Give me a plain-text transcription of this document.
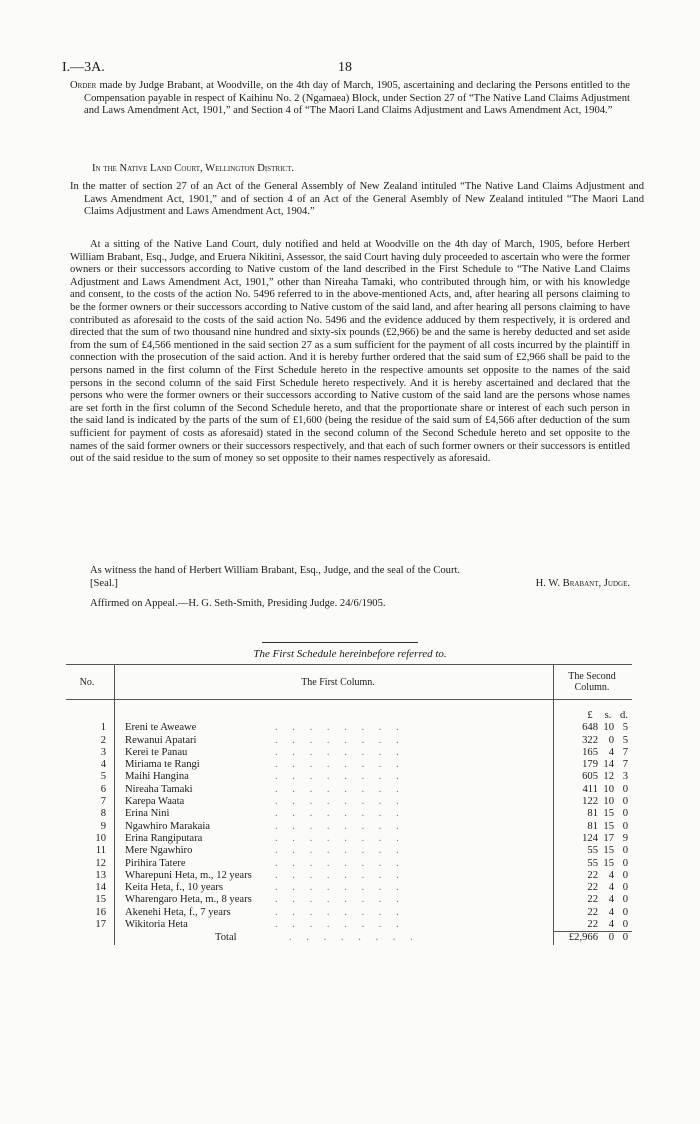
I.—3A.	18
Order made by Judge Brabant, at Woodville, on the 4th day of March, 1905, ascertaining and declaring the Persons entitled to the Compensation payable in respect of Kaihinu No. 2 (Ngamaea) Block, under Section 27 of “The Native Land Claims Adjustment and Laws Amendment Act, 1901,” and Section 4 of “The Maori Land Claims Adjustment and Laws Amendment Act, 1904.”
In the Native Land Court, Wellington District.
In the matter of section 27 of an Act of the General Assembly of New Zealand intituled “The Native Land Claims Adjustment and Laws Amendment Act, 1901,” and of section 4 of an Act of the General Asembly of New Zealand intituled “The Maori Land Claims Adjustment and Laws Amendment Act, 1904.”
At a sitting of the Native Land Court, duly notified and held at Woodville on the 4th day of March, 1905, before Herbert William Brabant, Esq., Judge, and Eruera Nikitini, Assessor, the said Court having duly proceeded to ascertain who were the former owners or their successors according to Native custom of the land described in the First Schedule to “The Native Land Claims Adjustment and Laws Amendment Act, 1901,” other than Nireaha Tamaki, who contributed through him, or with his knowledge and consent, to the costs of the action No. 5496 referred to in the above-mentioned Acts, and, after hearing all persons claiming to be the former owners or their successors according to Native custom of the said land, and after hearing all persons claiming to have contributed as aforesaid to the costs of the said action No. 5496 and the evidence adduced by them respectively, it is ordered and directed that the sum of two thousand nine hundred and sixty-six pounds (£2,966) be and the same is hereby deducted and set aside from the sum of £4,566 mentioned in the said section 27 as a sum sufficient for the payment of all costs incurred by the plaintiff in connection with the prosecution of the said action. And it is hereby further ordered that the said sum of £2,966 shall be paid to the persons named in the first column of the First Schedule hereto in the respective amounts set opposite to the names of the said persons in the second column of the said First Schedule hereto respectively. And it is hereby ascertained and declared that the persons who were the former owners or their successors according to Native custom of the said land are the persons whose names are set forth in the first column of the Second Schedule hereto, and that the proportionate share or interest of each such person in the said land is indicated by the parts of the sum of £1,600 (being the residue of the said sum of £4,566 after deduction of the sum sufficient for payment of costs as aforesaid) stated in the second column of the Second Schedule hereto and set opposite to the names of the said former owners or their successors respectively, and that each of such former owners or their successors is entitled out of the said residue to the sum of money so set opposite to their names respectively as aforesaid.
As witness the hand of Herbert William Brabant, Esq., Judge, and the seal of the Court.
[Seal.]	H. W. Brabant, Judge.
Affirmed on Appeal.—H. G. Seth-Smith, Presiding Judge. 24/6/1905.
The First Schedule hereinbefore referred to.
No.	The First Column.	The Second Column.
		£ s. d.
1	Ereni te Aweawe . . . . . . . .	648 10 5
2	Rewanui Apatari . . . . . . . .	322 0 5
3	Kerei te Panau . . . . . . . .	165 4 7
4	Miriama te Rangi . . . . . . . .	179 14 7
5	Maihi Hangina . . . . . . . .	605 12 3
6	Nireaha Tamaki . . . . . . . .	411 10 0
7	Karepa Waata . . . . . . . .	122 10 0
8	Erina Nini . . . . . . . .	81 15 0
9	Ngawhiro Marakaia . . . . . . . .	81 15 0
10	Erina Rangiputara . . . . . . . .	124 17 9
11	Mere Ngawhiro . . . . . . . .	55 15 0
12	Pirihira Tatere . . . . . . . .	55 15 0
13	Wharepuni Heta, m., 12 years . . . . . . . .	22 4 0
14	Keita Heta, f., 10 years . . . . . . . .	22 4 0
15	Wharengaro Heta, m., 8 years . . . . . . . .	22 4 0
16	Akenehi Heta, f., 7 years . . . . . . . .	22 4 0
17	Wikitoria Heta . . . . . . . .	22 4 0
	Total . . . . . . . .	£2,966 0 0
